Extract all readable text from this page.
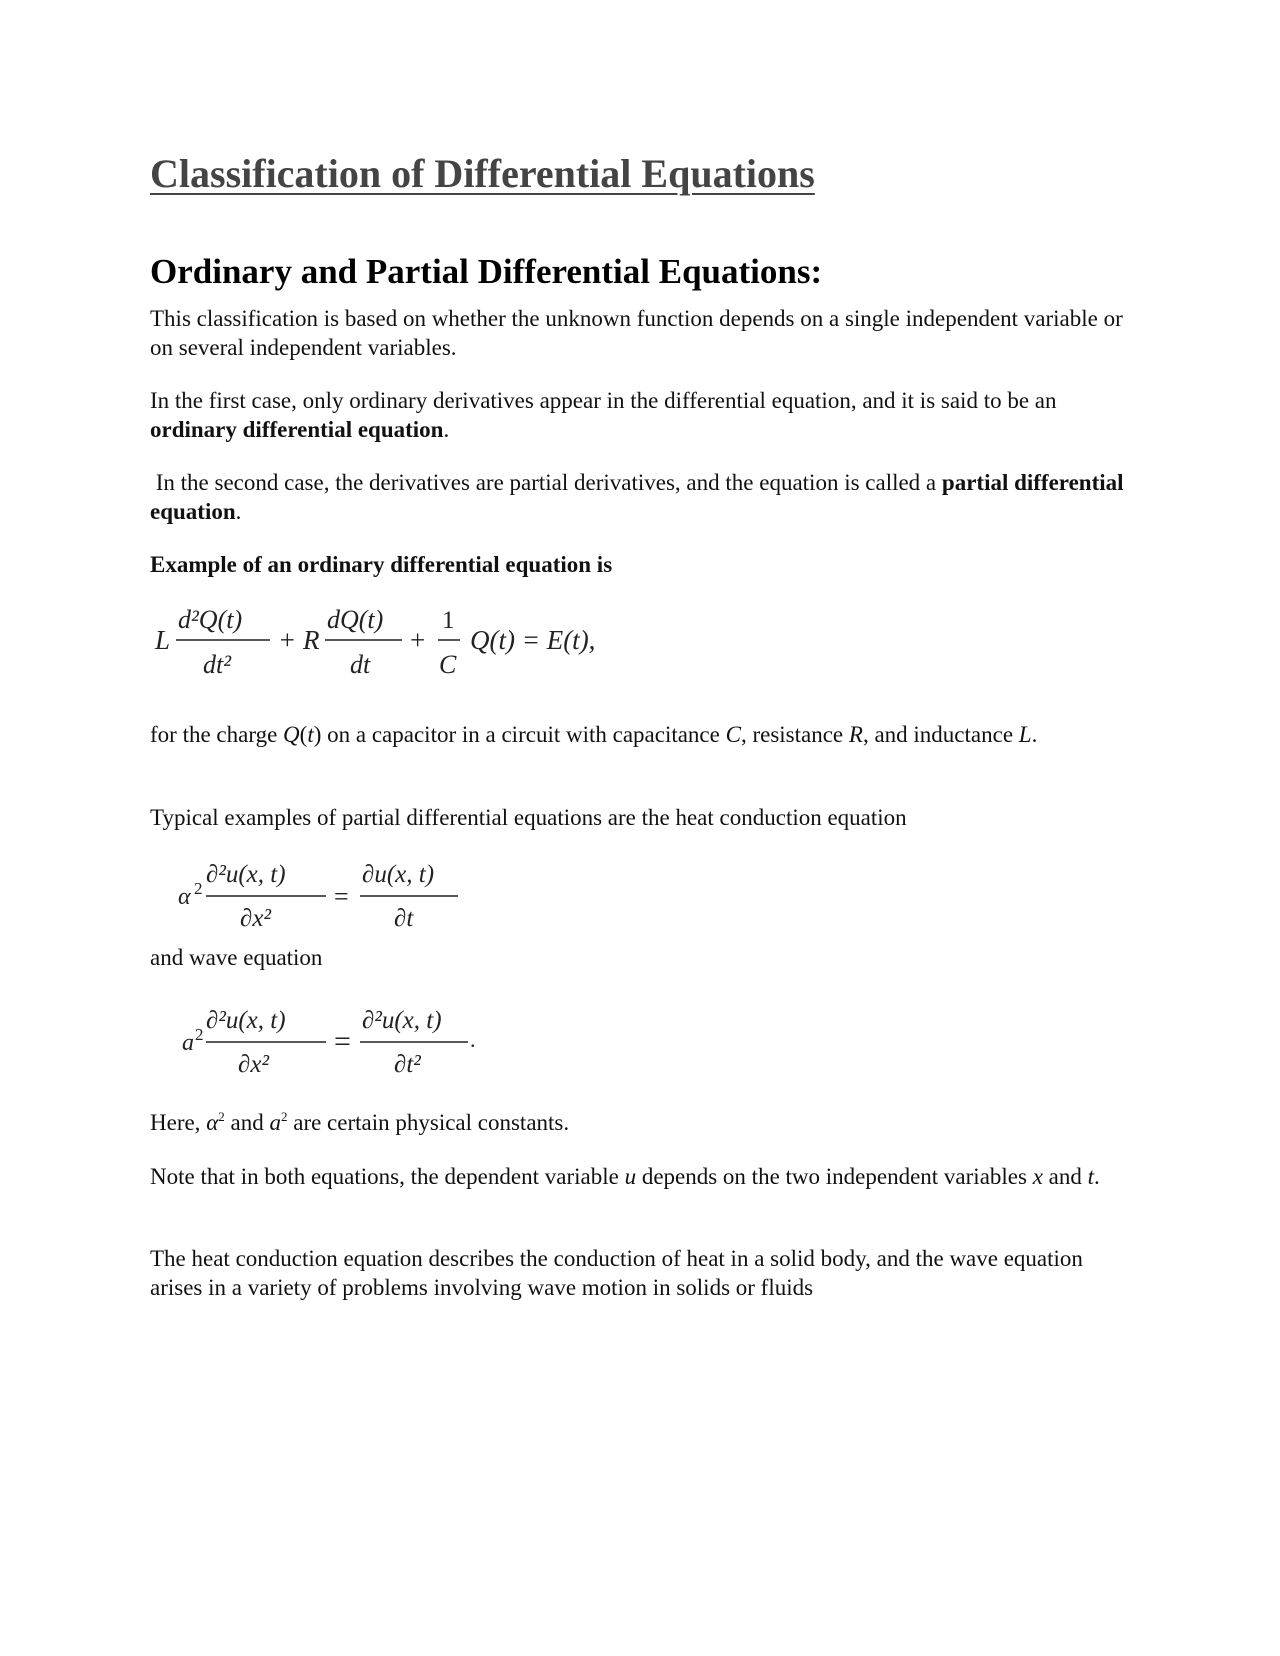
Classification of Differential Equations
Ordinary and Partial Differential Equations:

This classification is based on whether the unknown function depends on a single independent variable or on several independent variables.

In the first case, only ordinary derivatives appear in the differential equation, and it is said to be an ordinary differential equation.

In the second case, the derivatives are partial derivatives, and the equation is called a partial differential equation.

Example of an ordinary differential equation is

L
d²Q(t)
dt²
+ R
dQ(t)
dt
+
1
C
Q(t) = E(t),

for the charge Q(t) on a capacitor in a circuit with capacitance C, resistance R, and inductance L.

Typical examples of partial differential equations are the heat conduction equation

α 2
∂²u(x, t)
∂x²
=
∂u(x, t)
∂t

and wave equation

a 2
∂²u(x, t)
∂x²
=
∂²u(x, t)
∂t²
.

Here, $\alpha^2$ and $a^2$ are certain physical constants.

Note that in both equations, the dependent variable u depends on the two independent variables x and t.

The heat conduction equation describes the conduction of heat in a solid body, and the wave equation arises in a variety of problems involving wave motion in solids or fluids
